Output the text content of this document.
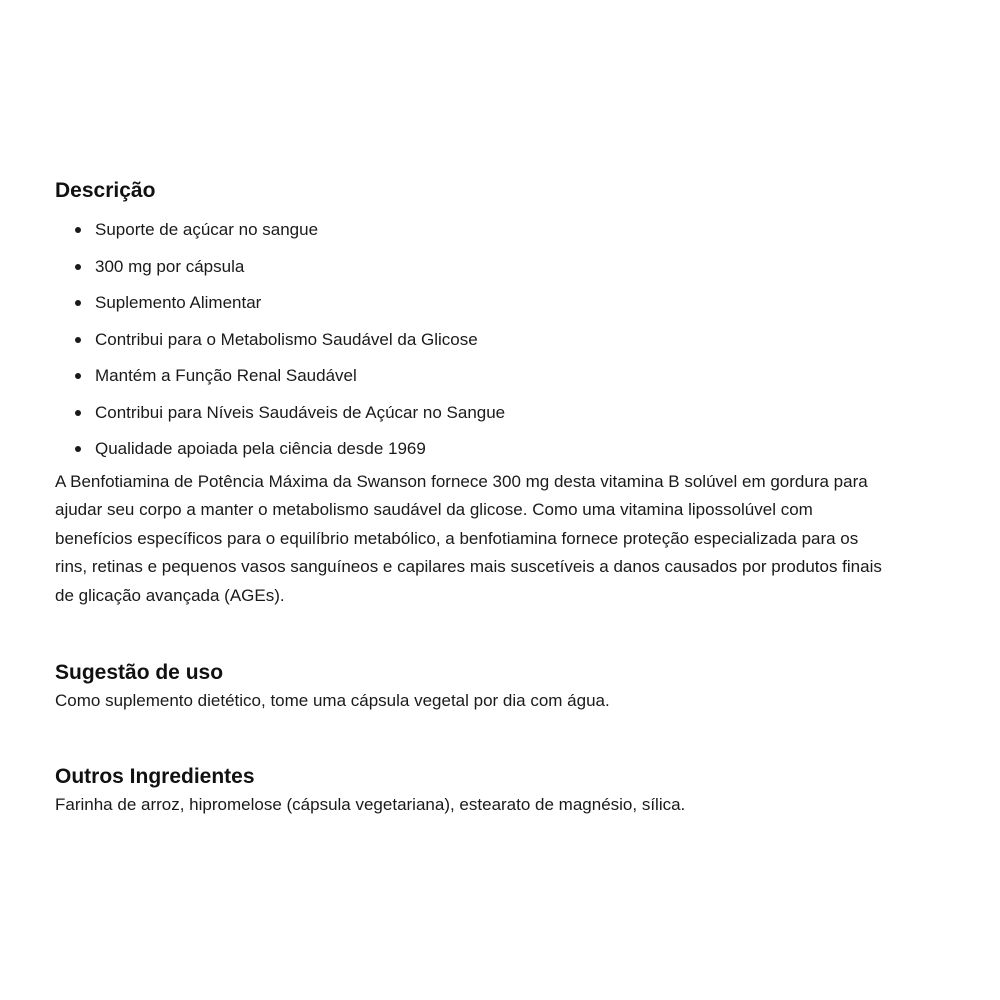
Descrição
Suporte de açúcar no sangue
300 mg por cápsula
Suplemento Alimentar
Contribui para o Metabolismo Saudável da Glicose
Mantém a Função Renal Saudável
Contribui para Níveis Saudáveis de Açúcar no Sangue
Qualidade apoiada pela ciência desde 1969
A Benfotiamina de Potência Máxima da Swanson fornece 300 mg desta vitamina B solúvel em gordura para
ajudar seu corpo a manter o metabolismo saudável da glicose. Como uma vitamina lipossolúvel com
benefícios específicos para o equilíbrio metabólico, a benfotiamina fornece proteção especializada para os
rins, retinas e pequenos vasos sanguíneos e capilares mais suscetíveis a danos causados por produtos finais
de glicação avançada (AGEs).
Sugestão de uso

Como suplemento dietético, tome uma cápsula vegetal por dia com água.

Outros Ingredientes

Farinha de arroz, hipromelose (cápsula vegetariana), estearato de magnésio, sílica.
